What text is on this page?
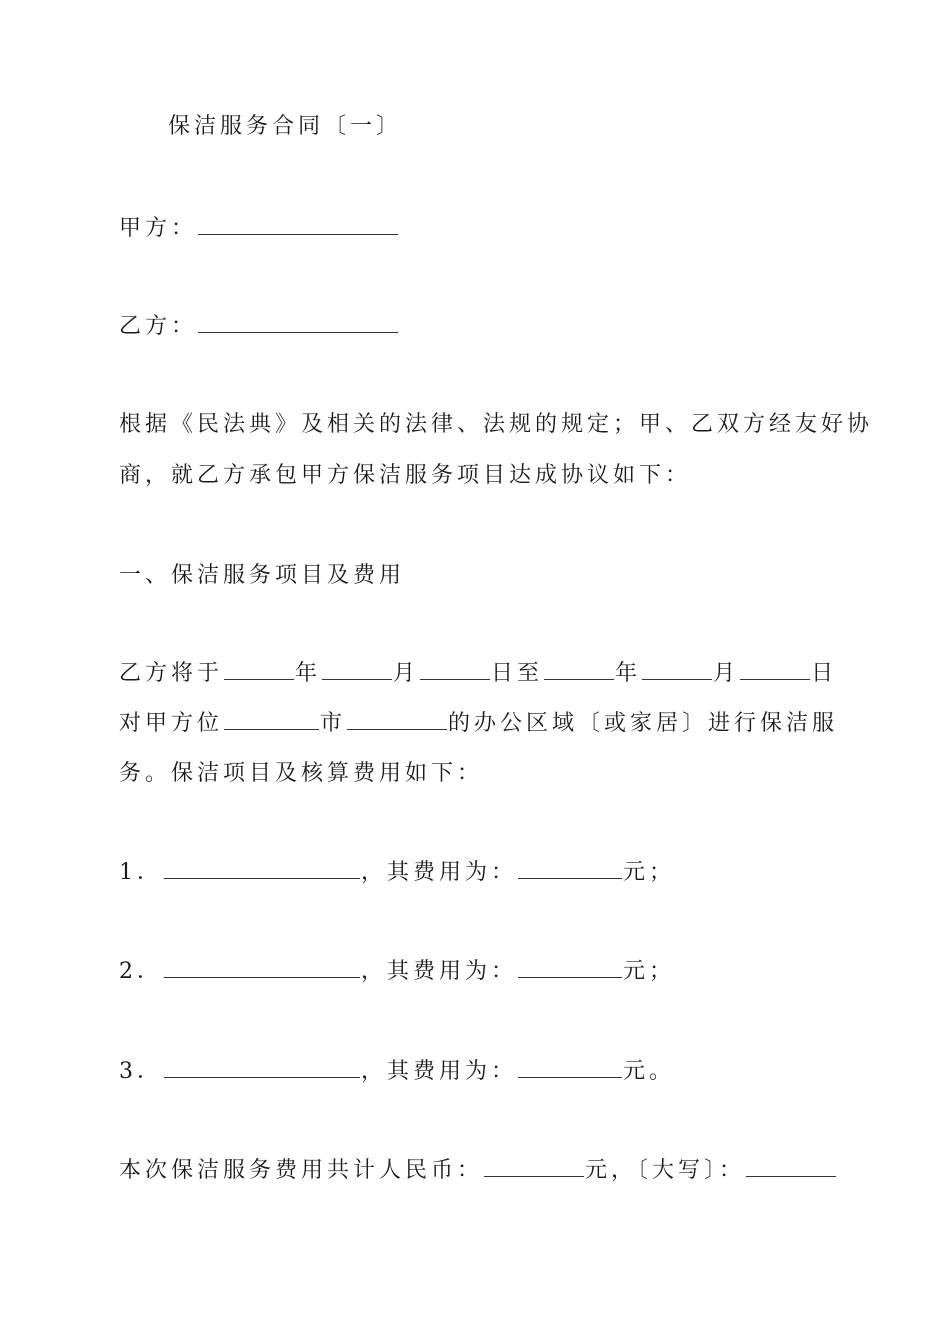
保洁服务合同〔一〕
甲方：
乙方：
根据《民法典》及相关的法律、法规的规定；甲、乙双方经友好协
商，就乙方承包甲方保洁服务项目达成协议如下：
一、保洁服务项目及费用
乙方将于	年	月	日至	年	月	日
对甲方位	市	的办公区域〔或家居〕进行保洁服
务。保洁项目及核算费用如下：
1．	，其费用为：	元；
2．	，其费用为：	元；
3．	，其费用为：	元。
本次保洁服务费用共计人民币：	元，〔大写〕：
